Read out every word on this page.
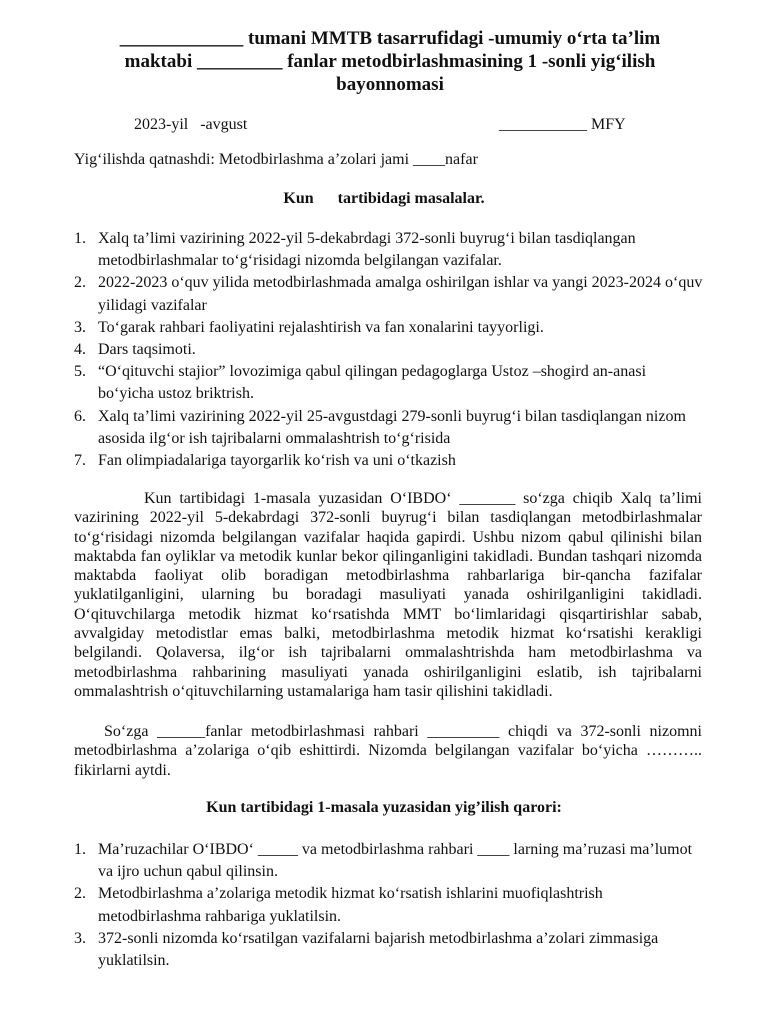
_____________ tumani MMTB tasarrufidagi -umumiy o‘rta ta’lim
maktabi _________ fanlar metodbirlashmasining 1 -sonli yig‘ilish
bayonnomasi
2023-yil   -avgust	___________ MFY
Yig‘ilishda qatnashdi: Metodbirlashma a’zolari jami ____nafar
Kun      tartibidagi masalalar.
1. Xalq ta’limi vazirining 2022-yil 5-dekabrdagi 372-sonli buyrug‘i bilan tasdiqlangan metodbirlashmalar to‘g‘risidagi nizomda belgilangan vazifalar.
2. 2022-2023 o‘quv yilida metodbirlashmada amalga oshirilgan ishlar va yangi 2023-2024 o‘quv yilidagi vazifalar
3. To‘garak rahbari faoliyatini rejalashtirish va fan xonalarini tayyorligi.
4. Dars taqsimoti.
5. “O‘qituvchi stajior” lovozimiga qabul qilingan pedagoglarga Ustoz –shogird an-anasi bo‘yicha ustoz briktrish.
6. Xalq ta’limi vazirining 2022-yil 25-avgustdagi 279-sonli buyrug‘i bilan tasdiqlangan nizom asosida ilg‘or ish tajribalarni ommalashtrish to‘g‘risida
7. Fan olimpiadalariga tayorgarlik ko‘rish va uni o‘tkazish

Kun tartibidagi 1-masala yuzasidan O‘IBDO‘ _______ so‘zga chiqib Xalq ta’limi vazirining 2022-yil 5-dekabrdagi 372-sonli buyrug‘i bilan tasdiqlangan metodbirlashmalar to‘g‘risidagi nizomda belgilangan vazifalar haqida gapirdi. Ushbu nizom qabul qilinishi bilan maktabda fan oyliklar va metodik kunlar bekor qilinganligini takidladi. Bundan tashqari nizomda maktabda faoliyat olib boradigan metodbirlashma rahbarlariga bir-qancha fazifalar yuklatilganligini, ularning bu boradagi masuliyati yanada oshirilganligini takidladi. O‘qituvchilarga metodik hizmat ko‘rsatishda MMT bo‘limlaridagi qisqartirishlar sabab, avvalgiday metodistlar emas balki, metodbirlashma metodik hizmat ko‘rsatishi kerakligi belgilandi. Qolaversa, ilg‘or ish tajribalarni ommalashtrishda ham metodbirlashma va metodbirlashma rahbarining masuliyati yanada oshirilganligini eslatib, ish tajribalarni ommalashtrish o‘qituvchilarning ustamalariga ham tasir qilishini takidladi.

So‘zga ______fanlar metodbirlashmasi rahbari _________ chiqdi va 372-sonli nizomni metodbirlashma a’zolariga o‘qib eshittirdi. Nizomda belgilangan vazifalar bo‘yicha ……….. fikirlarni aytdi.

Kun tartibidagi 1-masala yuzasidan yig’ilish qarori:
1. Ma’ruzachilar O‘IBDO‘ _____ va metodbirlashma rahbari ____ larning ma’ruzasi ma’lumot va ijro uchun qabul qilinsin.
2. Metodbirlashma a’zolariga metodik hizmat ko‘rsatish ishlarini muofiqlashtrish metodbirlashma rahbariga yuklatilsin.
3. 372-sonli nizomda ko‘rsatilgan vazifalarni bajarish metodbirlashma a’zolari zimmasiga yuklatilsin.
